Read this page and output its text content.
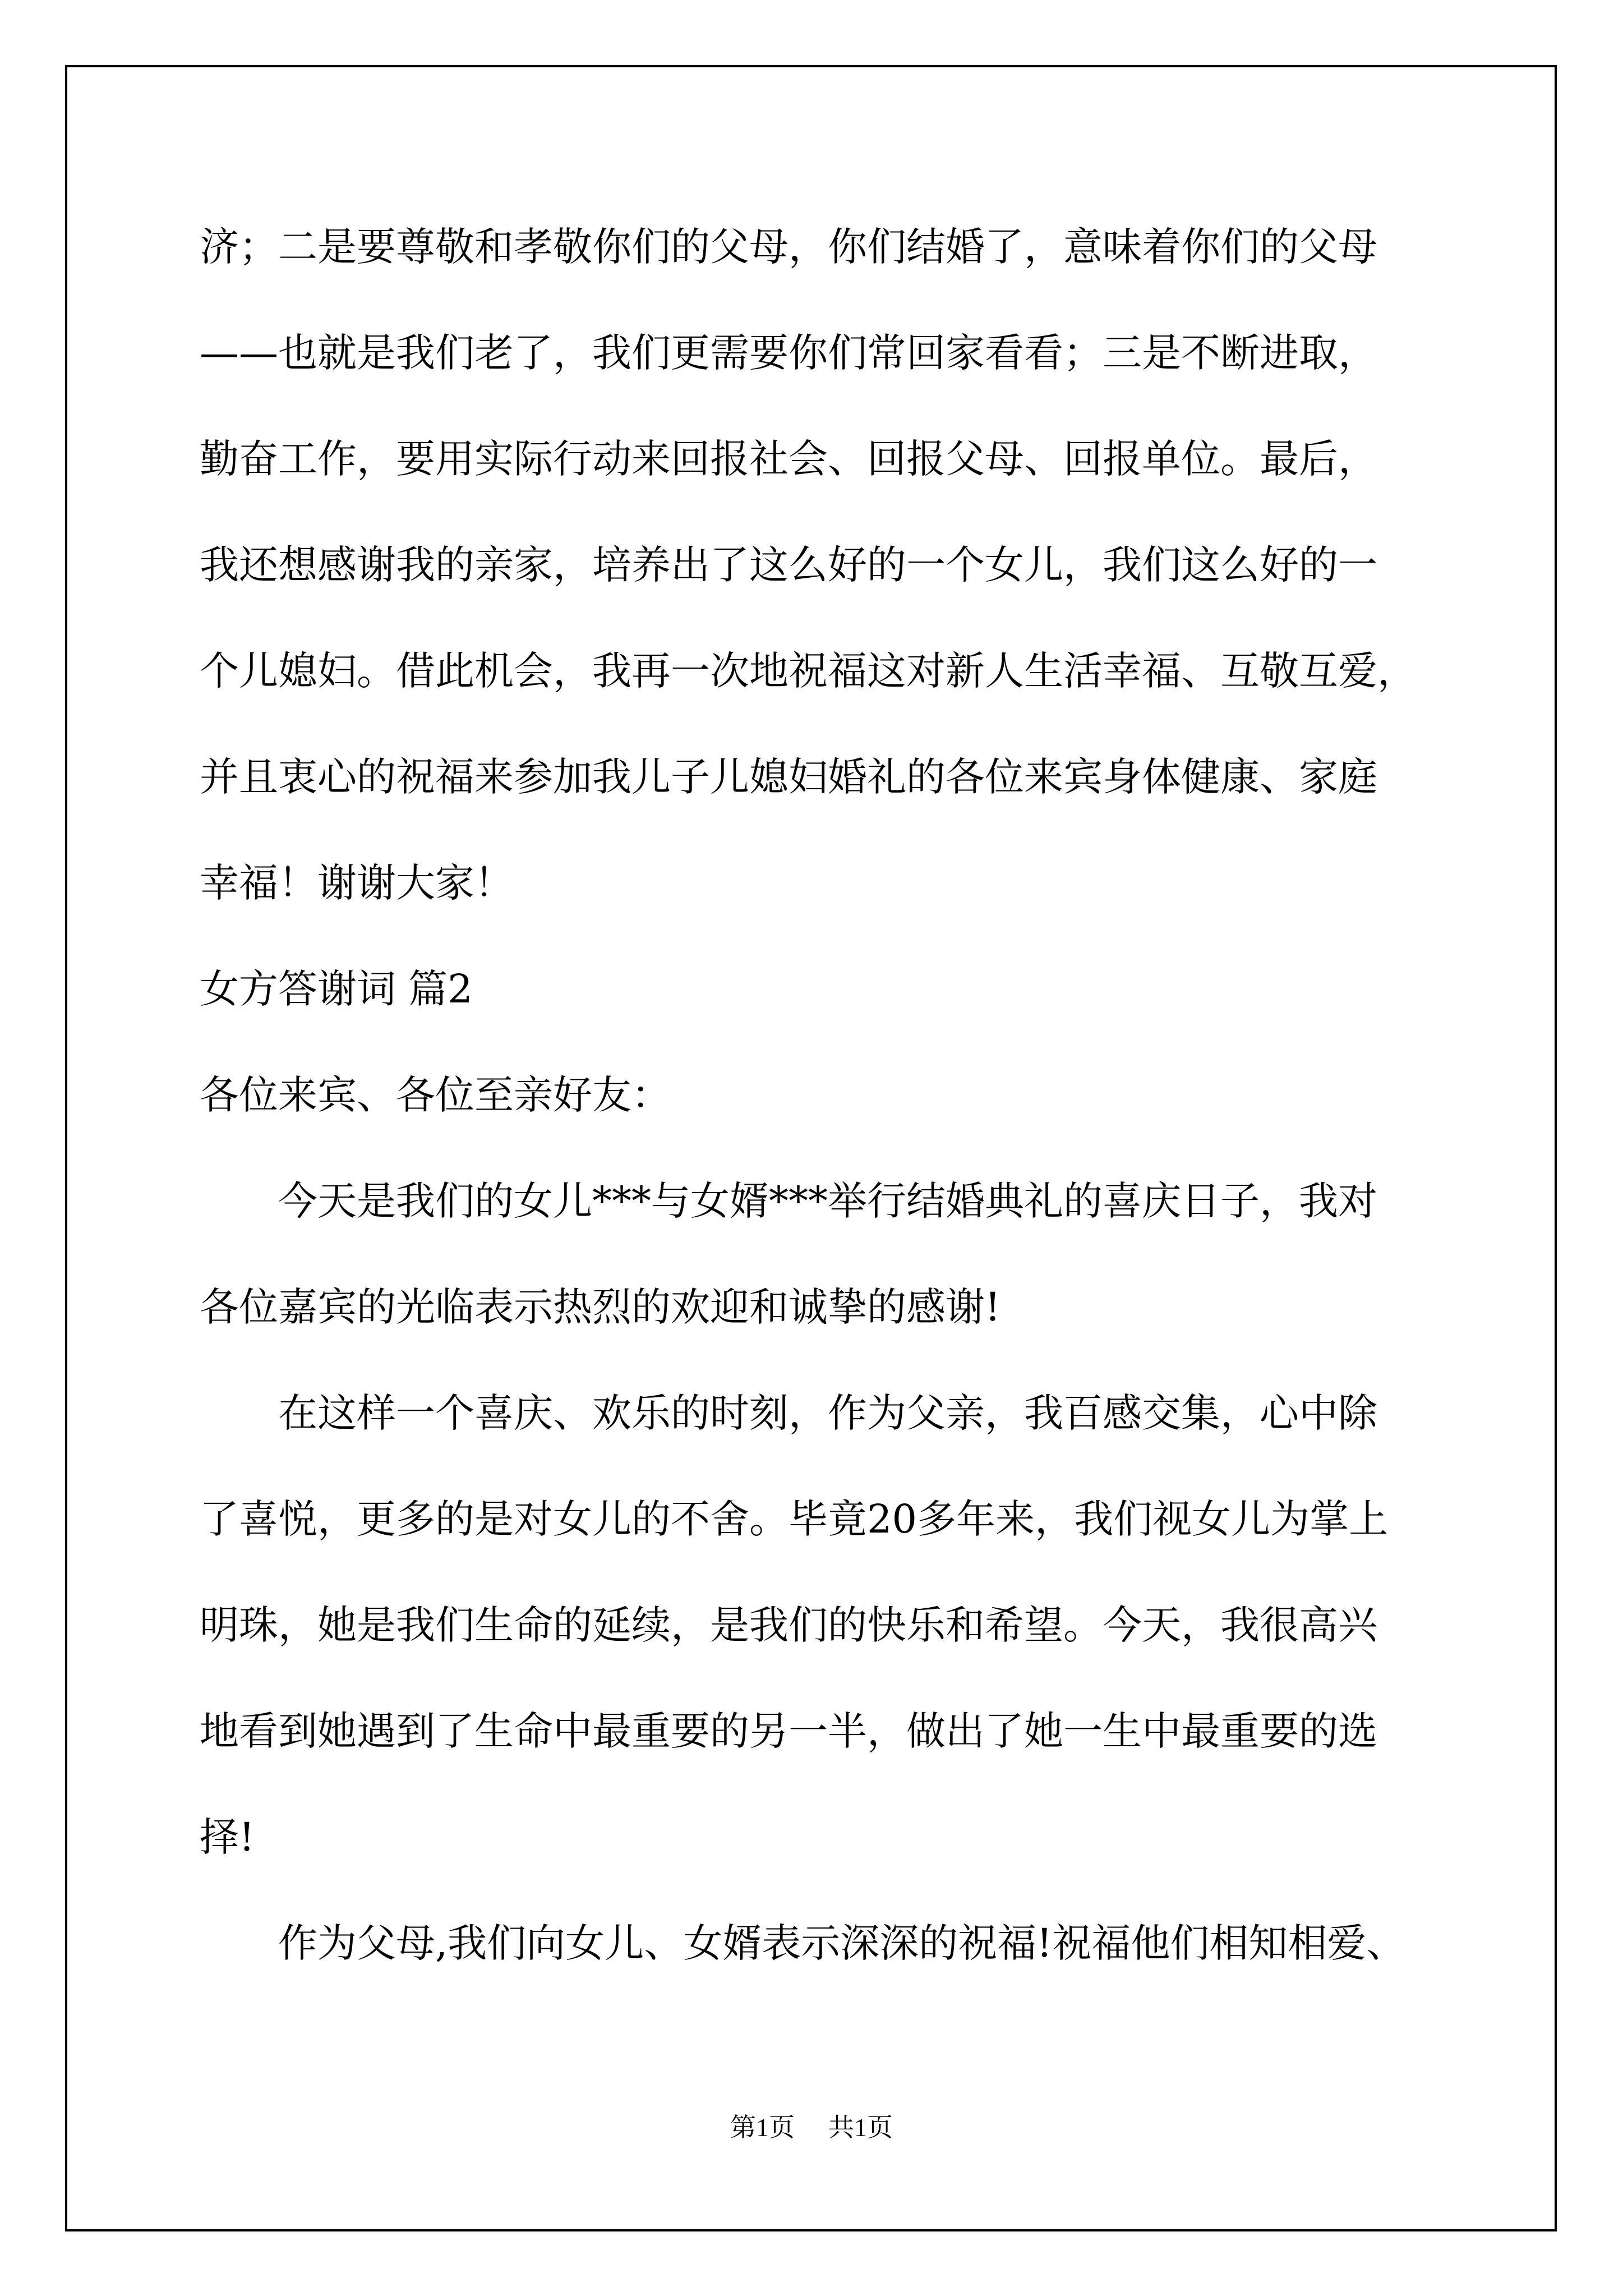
济；二是要尊敬和孝敬你们的父母，你们结婚了，意味着你们的父母
——也就是我们老了，我们更需要你们常回家看看；三是不断进取，
勤奋工作，要用实际行动来回报社会、回报父母、回报单位。最后，
我还想感谢我的亲家，培养出了这么好的一个女儿，我们这么好的一
个儿媳妇。借此机会，我再一次地祝福这对新人生活幸福、互敬互爱，
并且衷心的祝福来参加我儿子儿媳妇婚礼的各位来宾身体健康、家庭
幸福！谢谢大家！
女方答谢词 篇2
各位来宾、各位至亲好友：
今天是我们的女儿***与女婿***举行结婚典礼的喜庆日子，我对
各位嘉宾的光临表示热烈的欢迎和诚挚的感谢!
在这样一个喜庆、欢乐的时刻，作为父亲，我百感交集，心中除
了喜悦，更多的是对女儿的不舍。毕竟20多年来，我们视女儿为掌上
明珠，她是我们生命的延续，是我们的快乐和希望。今天，我很高兴
地看到她遇到了生命中最重要的另一半，做出了她一生中最重要的选
择!
作为父母,我们向女儿、女婿表示深深的祝福!祝福他们相知相爱、
第1页 共1页
